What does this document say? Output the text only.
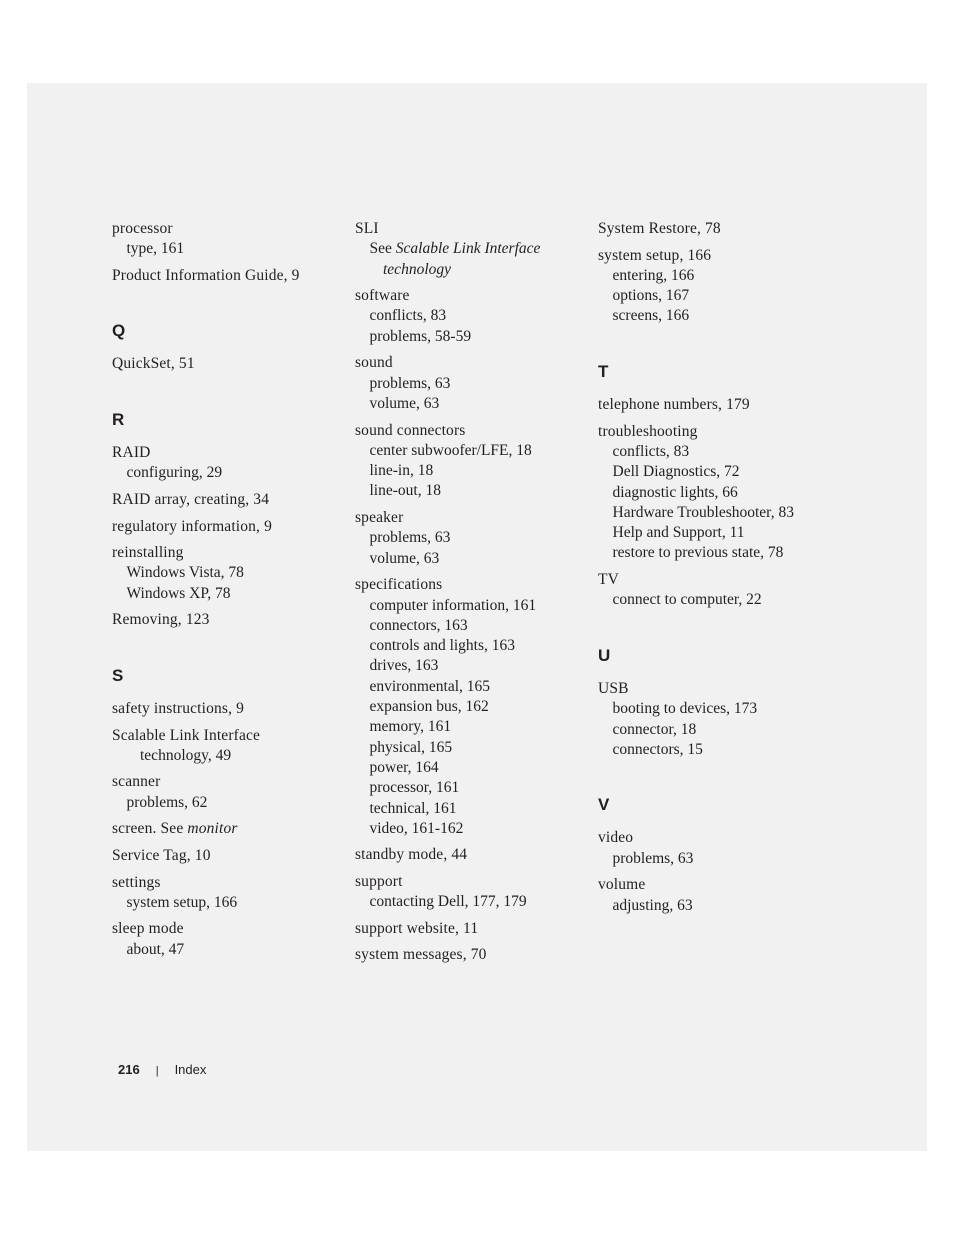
processor
type, 161
Product Information Guide, 9
Q
QuickSet, 51
R
RAID
configuring, 29
RAID array, creating, 34
regulatory information, 9
reinstalling
Windows Vista, 78
Windows XP, 78
Removing, 123
S
safety instructions, 9
Scalable Link Interface
technology, 49
scanner
problems, 62
screen. See monitor
Service Tag, 10
settings
system setup, 166
sleep mode
about, 47
SLI
See Scalable Link Interface
technology
software
conflicts, 83
problems, 58-59
sound
problems, 63
volume, 63
sound connectors
center subwoofer/LFE, 18
line-in, 18
line-out, 18
speaker
problems, 63
volume, 63
specifications
computer information, 161
connectors, 163
controls and lights, 163
drives, 163
environmental, 165
expansion bus, 162
memory, 161
physical, 165
power, 164
processor, 161
technical, 161
video, 161-162
standby mode, 44
support
contacting Dell, 177, 179
support website, 11
system messages, 70
System Restore, 78
system setup, 166
entering, 166
options, 167
screens, 166
T
telephone numbers, 179
troubleshooting
conflicts, 83
Dell Diagnostics, 72
diagnostic lights, 66
Hardware Troubleshooter, 83
Help and Support, 11
restore to previous state, 78
TV
connect to computer, 22
U
USB
booting to devices, 173
connector, 18
connectors, 15
V
video
problems, 63
volume
adjusting, 63
216 | Index
